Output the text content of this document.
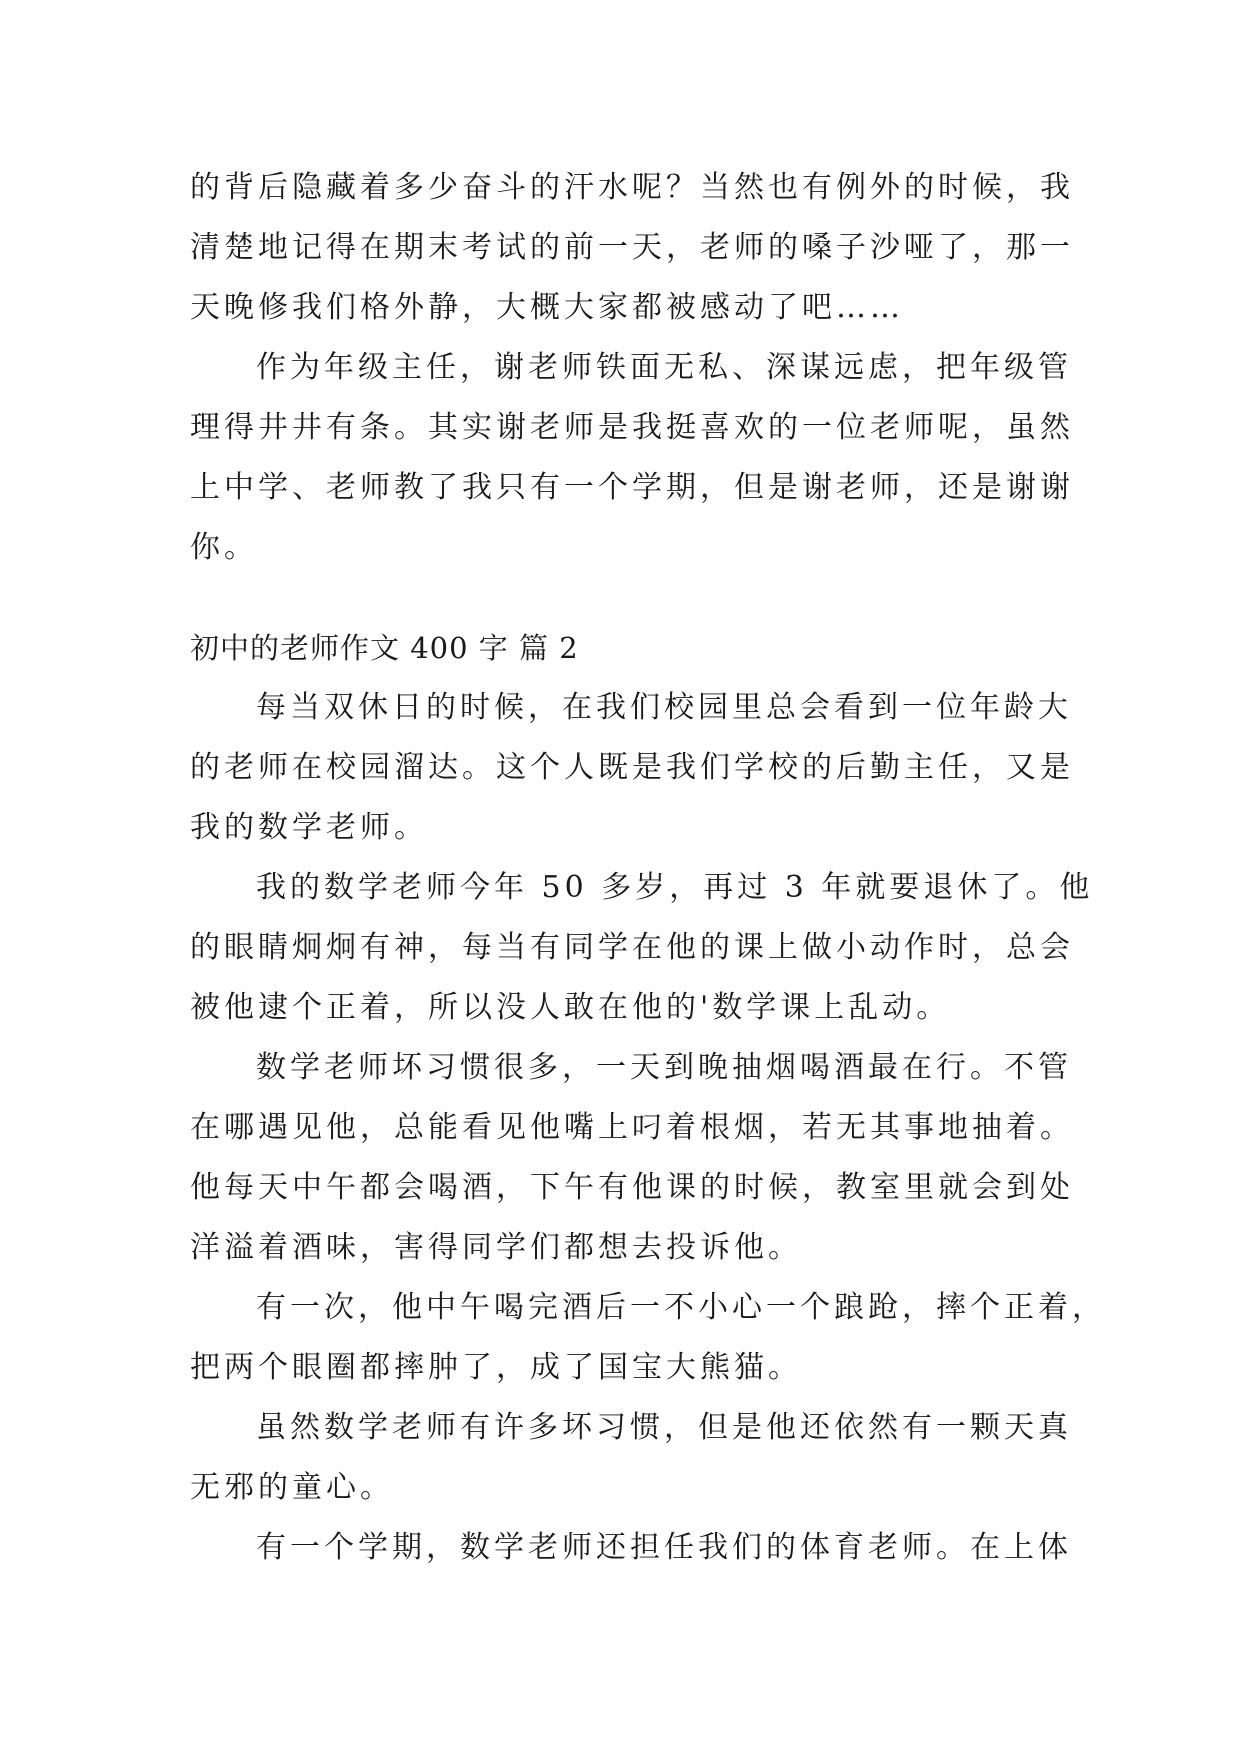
的背后隐藏着多少奋斗的汗水呢？当然也有例外的时候，我

清楚地记得在期末考试的前一天，老师的嗓子沙哑了，那一

天晚修我们格外静，大概大家都被感动了吧……

作为年级主任，谢老师铁面无私、深谋远虑，把年级管

理得井井有条。其实谢老师是我挺喜欢的一位老师呢，虽然

上中学、老师教了我只有一个学期，但是谢老师，还是谢谢

你。

初中的老师作文 400 字 篇 2

每当双休日的时候，在我们校园里总会看到一位年龄大

的老师在校园溜达。这个人既是我们学校的后勤主任，又是

我的数学老师。

我的数学老师今年 50 多岁，再过 3 年就要退休了。他

的眼睛炯炯有神，每当有同学在他的课上做小动作时，总会

被他逮个正着，所以没人敢在他的'数学课上乱动。

数学老师坏习惯很多，一天到晚抽烟喝酒最在行。不管

在哪遇见他，总能看见他嘴上叼着根烟，若无其事地抽着。

他每天中午都会喝酒，下午有他课的时候，教室里就会到处

洋溢着酒味，害得同学们都想去投诉他。

有一次，他中午喝完酒后一不小心一个踉跄，摔个正着，

把两个眼圈都摔肿了，成了国宝大熊猫。

虽然数学老师有许多坏习惯，但是他还依然有一颗天真

无邪的童心。

有一个学期，数学老师还担任我们的体育老师。在上体
